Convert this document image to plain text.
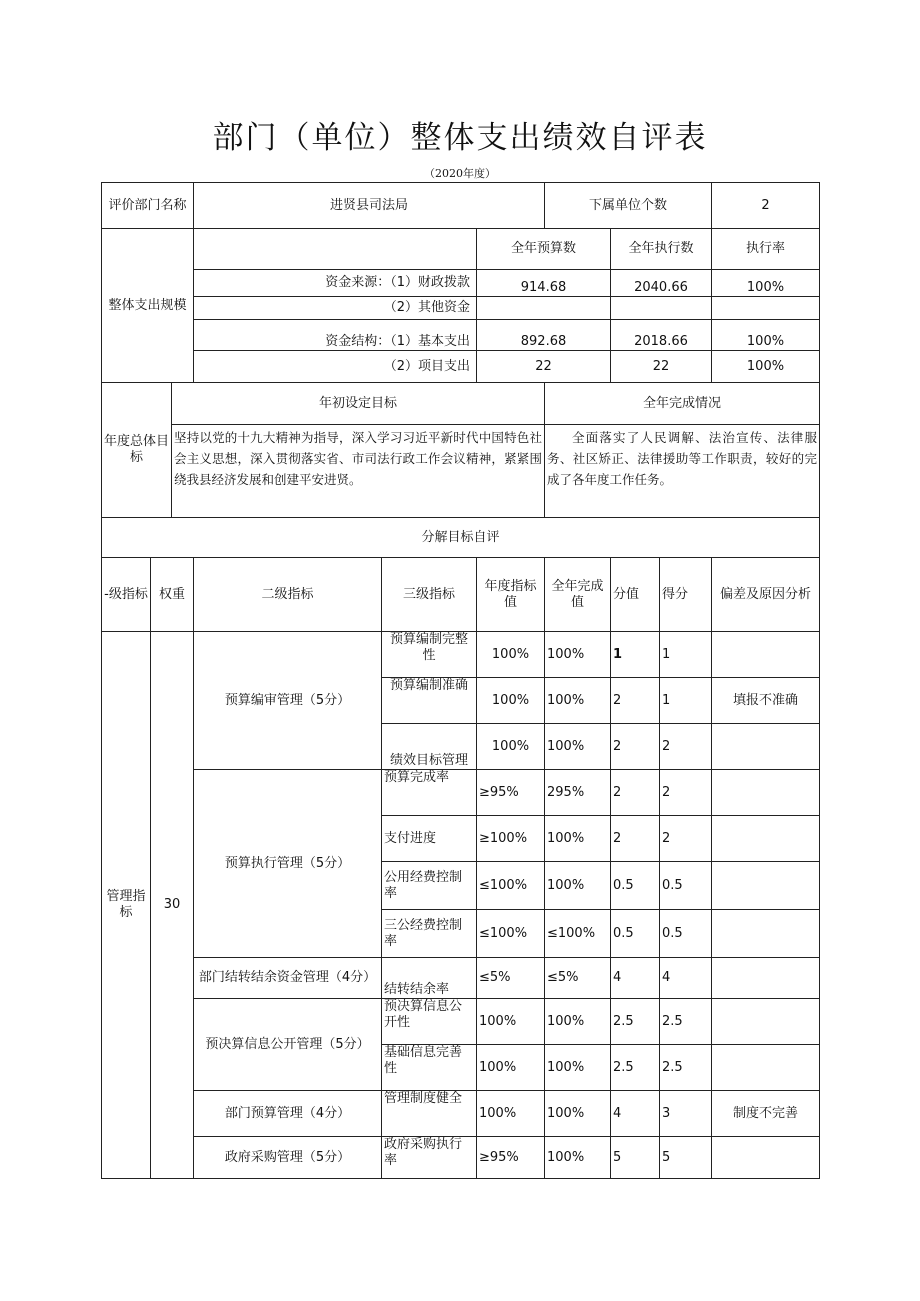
部门（单位）整体支出绩效自评表
（2020年度）
评价部门名称			进贤县司法局			下属单位个数			2
整体支出规模					全年预算数		全年执行数		执行率
			资金来源：（1）财政拨款		914.68		2040.66		100%
			（2）其他资金						
			资金结构：（1）基本支出		892.68		2018.66		100%
			（2）项目支出		22		22		100%
年度总体目标		年初设定目标				全年完成情况			
		坚持以党的十九大精神为指导，深入学习习近平新时代中国特色社会主义思想，深入贯彻落实省、市司法行政工作会议精神，紧紧围绕我县经济发展和创建平安进贤。				全面落实了人民调解、法治宣传、法律服务、社区矫正、法律援助等工作职责，较好的完成了各年度工作任务。			
分解目标自评									
-级指标	权重		二级指标	三级指标	年度指标值	全年完成值	分值	得分	偏差及原因分析
管理指标	30		预算编审管理（5分）	预算编制完整性	100%	100%	1	1	
				预算编制准确	100%	100%	2	1	填报不准确
				绩效目标管理	100%	100%	2	2	
			预算执行管理（5分）	预算完成率	≥95%	295%	2	2	
				支付进度	≥100%	100%	2	2	
				公用经费控制率	≤100%	100%	0.5	0.5	
				三公经费控制率	≤100%	≤100%	0.5	0.5	
			部门结转结余资金管理（4分）	结转结余率	≤5%	≤5%	4	4	
			预决算信息公开管理（5分）	预决算信息公开性	100%	100%	2.5	2.5	
				基础信息完善性	100%	100%	2.5	2.5	
			部门预算管理（4分）	管理制度健全	100%	100%	4	3	制度不完善
			政府采购管理（5分）	政府采购执行率	≥95%	100%	5	5	
